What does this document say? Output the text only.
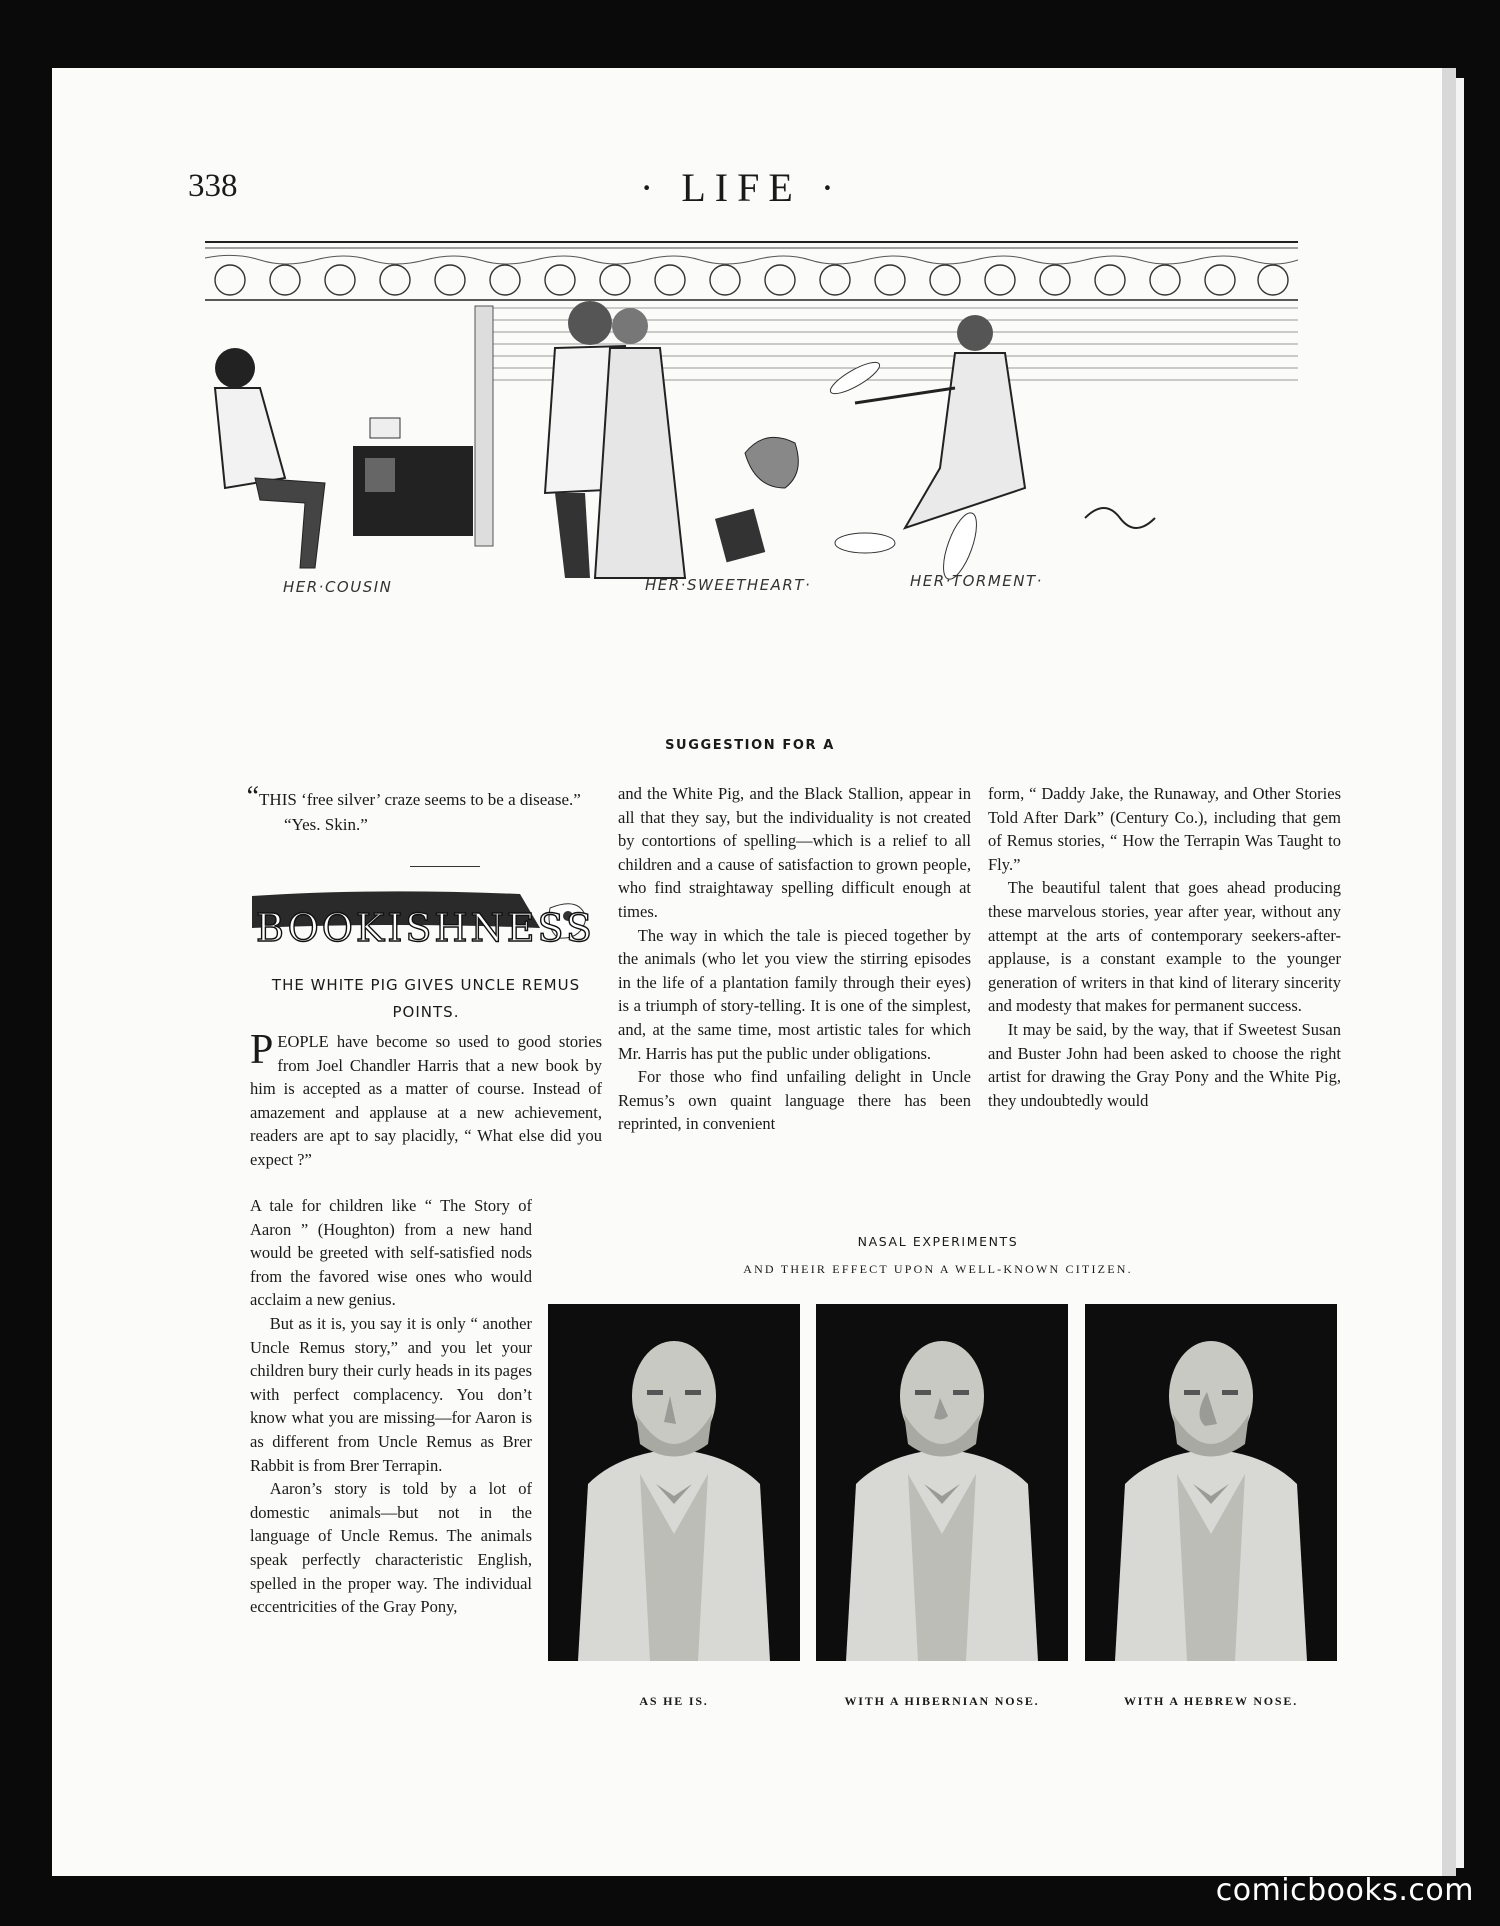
338	· LIFE ·
HER·COUSIN	HER·SWEETHEART·	HER·TORMENT·
SUGGESTION FOR A
“THIS ‘free silver’ craze seems to be a disease.”
“Yes. Skin.”
BOOKISHNESS
THE WHITE PIG GIVES UNCLE REMUS POINTS.

PEOPLE have become so used to good stories from Joel Chandler Harris that a new book by him is accepted as a matter of course. Instead of amazement and applause at a new achievement, readers are apt to say placidly, “ What else did you expect ?”

A tale for children like “ The Story of Aaron ” (Houghton) from a new hand would be greeted with self-satisfied nods from the favored wise ones who would acclaim a new genius.

But as it is, you say it is only “ another Uncle Remus story,” and you let your children bury their curly heads in its pages with perfect complacency. You don’t know what you are missing—for Aaron is as different from Uncle Remus as Brer Rabbit is from Brer Terrapin.

Aaron’s story is told by a lot of domestic animals—but not in the language of Uncle Remus. The animals speak perfectly characteristic English, spelled in the proper way. The individual eccentricities of the Gray Pony,

and the White Pig, and the Black Stallion, appear in all that they say, but the individuality is not created by contortions of spelling—which is a relief to all children and a cause of satisfaction to grown people, who find straightaway spelling difficult enough at times.

The way in which the tale is pieced together by the animals (who let you view the stirring episodes in the life of a plantation family through their eyes) is a triumph of story-telling. It is one of the simplest, and, at the same time, most artistic tales for which Mr. Harris has put the public under obligations.

For those who find unfailing delight in Uncle Remus’s own quaint language there has been reprinted, in convenient

form, “ Daddy Jake, the Runaway, and Other Stories Told After Dark” (Century Co.), including that gem of Remus stories, “ How the Terrapin Was Taught to Fly.”

The beautiful talent that goes ahead producing these marvelous stories, year after year, without any attempt at the arts of contemporary seekers-after-applause, is a constant example to the younger generation of writers in that kind of literary sincerity and modesty that makes for permanent success.

It may be said, by the way, that if Sweetest Susan and Buster John had been asked to choose the right artist for drawing the Gray Pony and the White Pig, they undoubtedly would

NASAL EXPERIMENTS
AND THEIR EFFECT UPON A WELL-KNOWN CITIZEN.
AS HE IS.	WITH A HIBERNIAN NOSE.	WITH A HEBREW NOSE.
comicbooks.com
